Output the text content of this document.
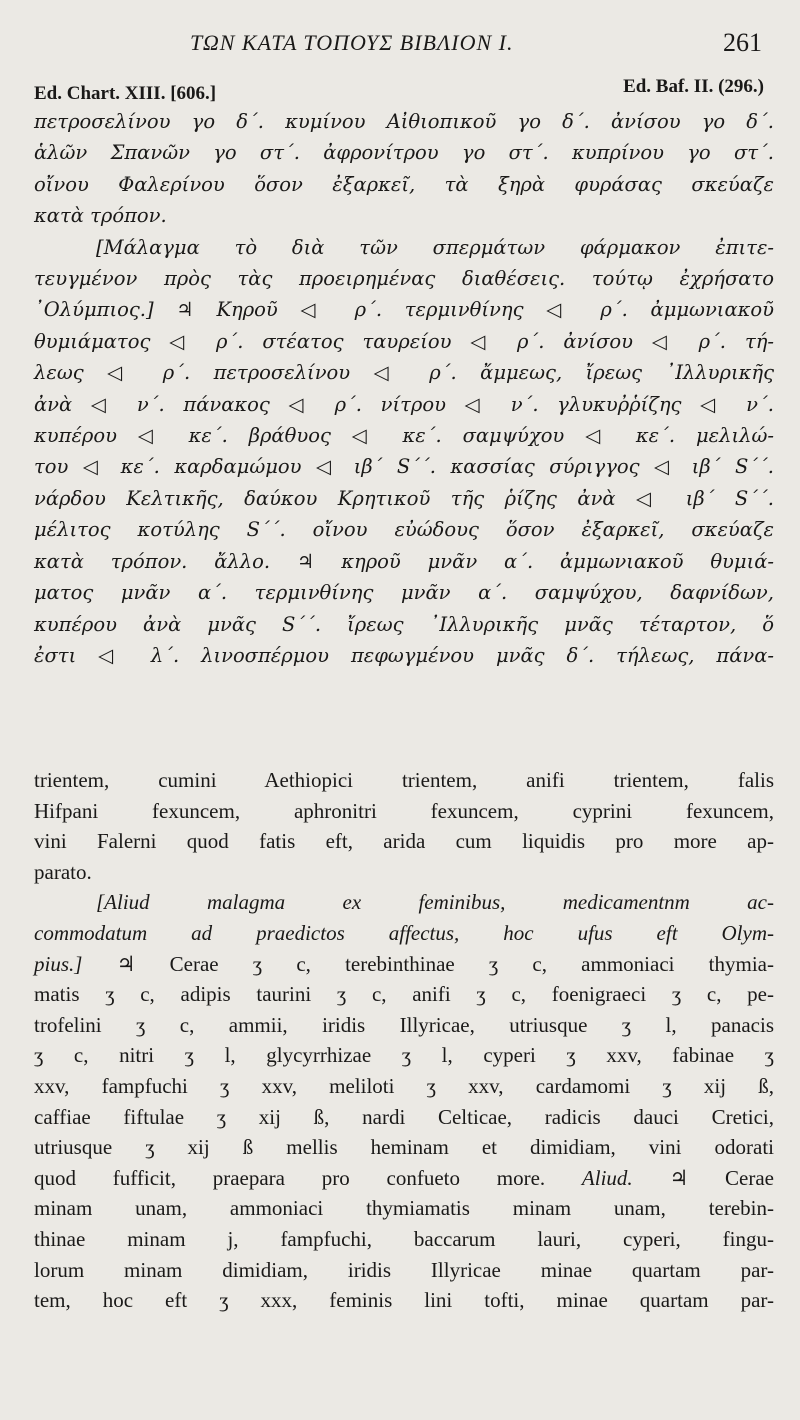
ΤΩΝ ΚΑΤΑ ΤΟΠΟΥΣ ΒΙΒΛΙΟΝ Ι.	261
Ed. Chart. XIII. [606.]	Ed. Baf. II. (296.)
πετροσελίνου γο δ΄. κυμίνου Αἰθιοπικοῦ γο δ΄. ἀνίσου γο δ΄.
ἁλῶν Σπανῶν γο στ΄. ἀφρονίτρου γο στ΄. κυπρίνου γο στ΄.
οἴνου Φαλερίνου ὅσον ἐξαρκεῖ, τὰ ξηρὰ φυράσας σκεύαζε
κατὰ τρόπον.
[Μάλαγμα τὸ διὰ τῶν σπερμάτων φάρμακον ἐπιτε-
τευγμένον πρὸς τὰς προειρημένας διαθέσεις. τούτῳ ἐχρήσατο
᾽Ολύμπιος.] ♃ Κηροῦ ◁ ρ΄. τερμινθίνης ◁ ρ΄. ἀμμωνιακοῦ
θυμιάματος ◁ ρ΄. στέατος ταυρείου ◁ ρ΄. ἀνίσου ◁ ρ΄. τή-
λεως ◁ ρ΄. πετροσελίνου ◁ ρ΄. ἄμμεως, ἴρεως ᾽Ιλλυρικῆς
ἀνὰ ◁ ν΄. πάνακος ◁ ρ΄. νίτρου ◁ ν΄. γλυκυῤῥίζης ◁ ν΄.
κυπέρου ◁ κε΄. βράθυος ◁ κε΄. σαμψύχου ◁ κε΄. μελιλώ-
του ◁ κε΄. καρδαμώμου ◁ ιβ΄ S΄΄. κασσίας σύριγγος ◁ ιβ΄ S΄΄.
νάρδου Κελτικῆς, δαύκου Κρητικοῦ τῆς ῥίζης ἀνὰ ◁ ιβ΄ S΄΄.
μέλιτος κοτύλης S΄΄. οἴνου εὐώδους ὅσον ἐξαρκεῖ, σκεύαζε
κατὰ τρόπον. ἄλλο. ♃ κηροῦ μνᾶν α΄. ἀμμωνιακοῦ θυμιά-
ματος μνᾶν α΄. τερμινθίνης μνᾶν α΄. σαμψύχου, δαφνίδων,
κυπέρου ἀνὰ μνᾶς S΄΄. ἴρεως ᾽Ιλλυρικῆς μνᾶς τέταρτον, ὅ
ἐστι ◁ λ΄. λινοσπέρμου πεφωγμένου μνᾶς δ΄. τήλεως, πάνα-
trientem, cumini Aethiopici trientem, anifi trientem, falis
Hifpani fexuncem, aphronitri fexuncem, cyprini fexuncem,
vini Falerni quod fatis eft, arida cum liquidis pro more ap-
parato.
[Aliud malagma ex feminibus, medicamentnm ac-
commodatum ad praedictos affectus, hoc ufus eft Olym-
pius.] ♃ Cerae ʒ c, terebinthinae ʒ c, ammoniaci thymia-
matis ʒ c, adipis taurini ʒ c, anifi ʒ c, foenigraeci ʒ c, pe-
trofelini ʒ c, ammii, iridis Illyricae, utriusque ʒ l, panacis
ʒ c, nitri ʒ l, glycyrrhizae ʒ l, cyperi ʒ xxv, fabinae ʒ
xxv, fampfuchi ʒ xxv, meliloti ʒ xxv, cardamomi ʒ xij ß,
caffiae fiftulae ʒ xij ß, nardi Celticae, radicis dauci Cretici,
utriusque ʒ xij ß mellis heminam et dimidiam, vini odorati
quod fufficit, praepara pro confueto more. Aliud. ♃ Cerae
minam unam, ammoniaci thymiamatis minam unam, terebin-
thinae minam j, fampfuchi, baccarum lauri, cyperi, fingu-
lorum minam dimidiam, iridis Illyricae minae quartam par-
tem, hoc eft ʒ xxx, feminis lini tofti, minae quartam par-
